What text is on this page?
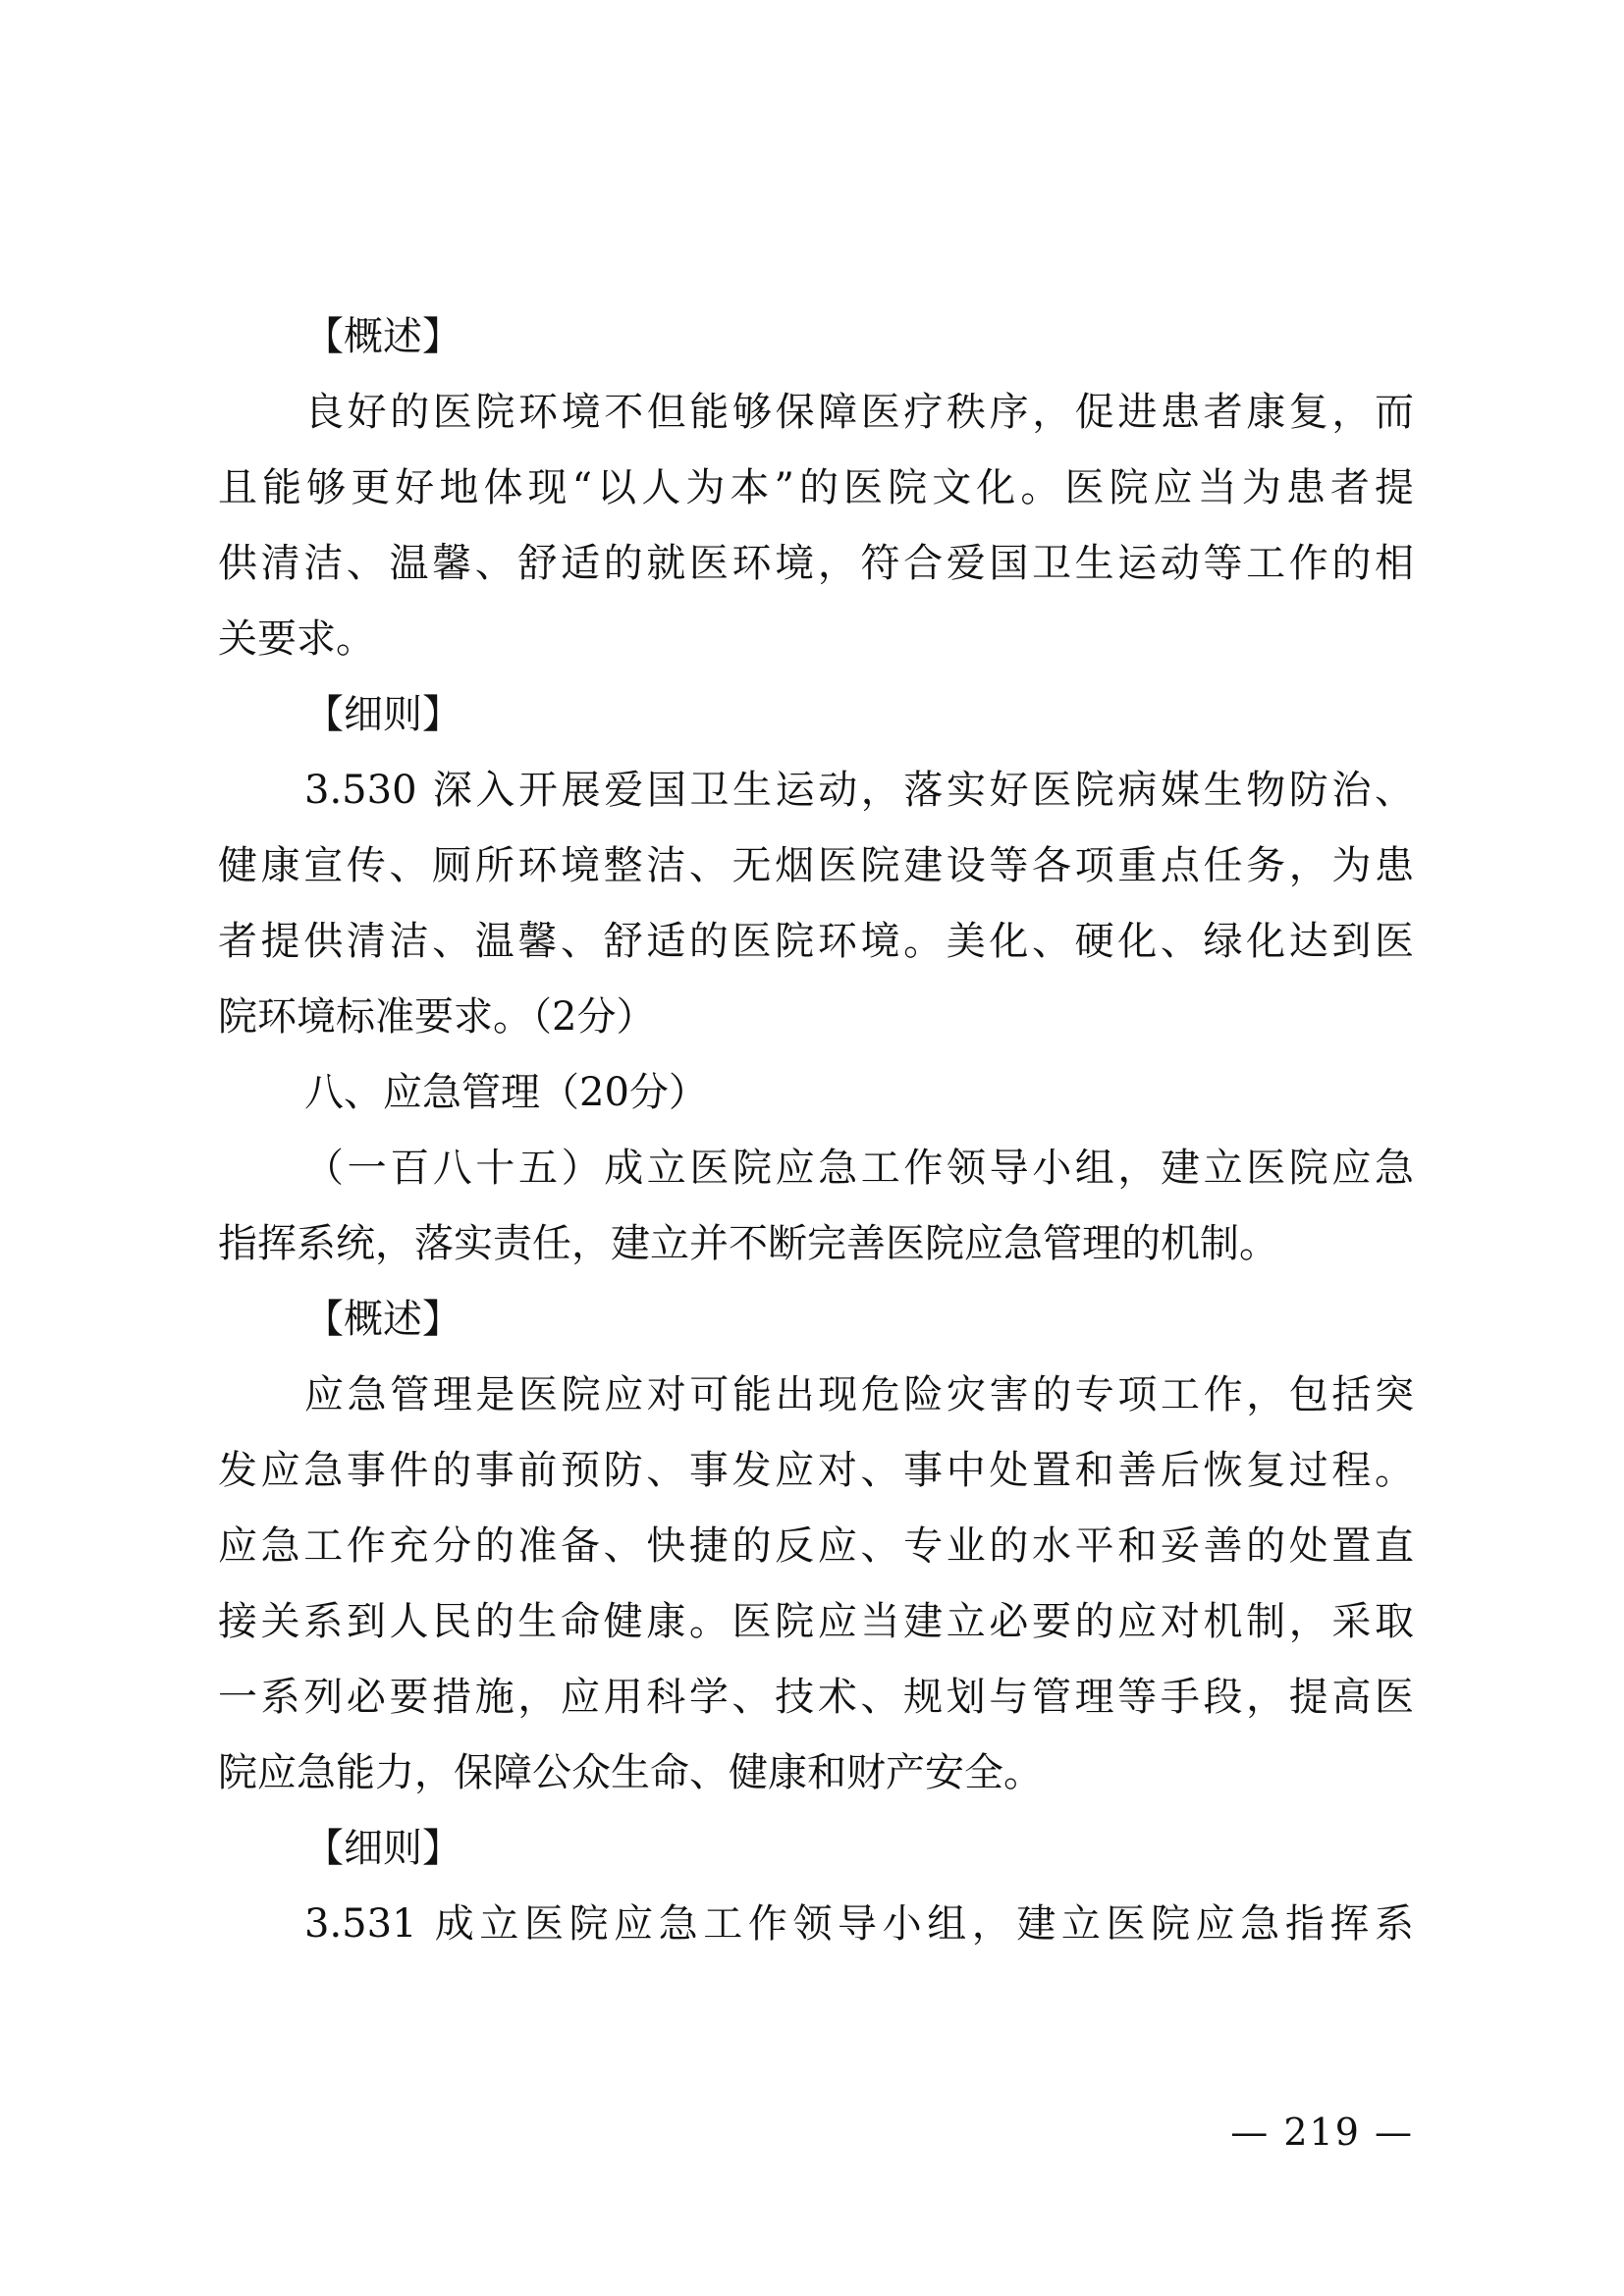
【概述】
良好的医院环境不但能够保障医疗秩序，促进患者康复，而
且能够更好地体现“以人为本”的医院文化。医院应当为患者提
供清洁、温馨、舒适的就医环境，符合爱国卫生运动等工作的相
关要求。
【细则】
3.530 深入开展爱国卫生运动，落实好医院病媒生物防治、
健康宣传、厕所环境整洁、无烟医院建设等各项重点任务，为患
者提供清洁、温馨、舒适的医院环境。美化、硬化、绿化达到医
院环境标准要求。（2分）
八、应急管理（20分）
（一百八十五）成立医院应急工作领导小组，建立医院应急
指挥系统，落实责任，建立并不断完善医院应急管理的机制。
【概述】
应急管理是医院应对可能出现危险灾害的专项工作，包括突
发应急事件的事前预防、事发应对、事中处置和善后恢复过程。
应急工作充分的准备、快捷的反应、专业的水平和妥善的处置直
接关系到人民的生命健康。医院应当建立必要的应对机制，采取
一系列必要措施，应用科学、技术、规划与管理等手段，提高医
院应急能力，保障公众生命、健康和财产安全。
【细则】
3.531 成立医院应急工作领导小组，建立医院应急指挥系
— 219 —
